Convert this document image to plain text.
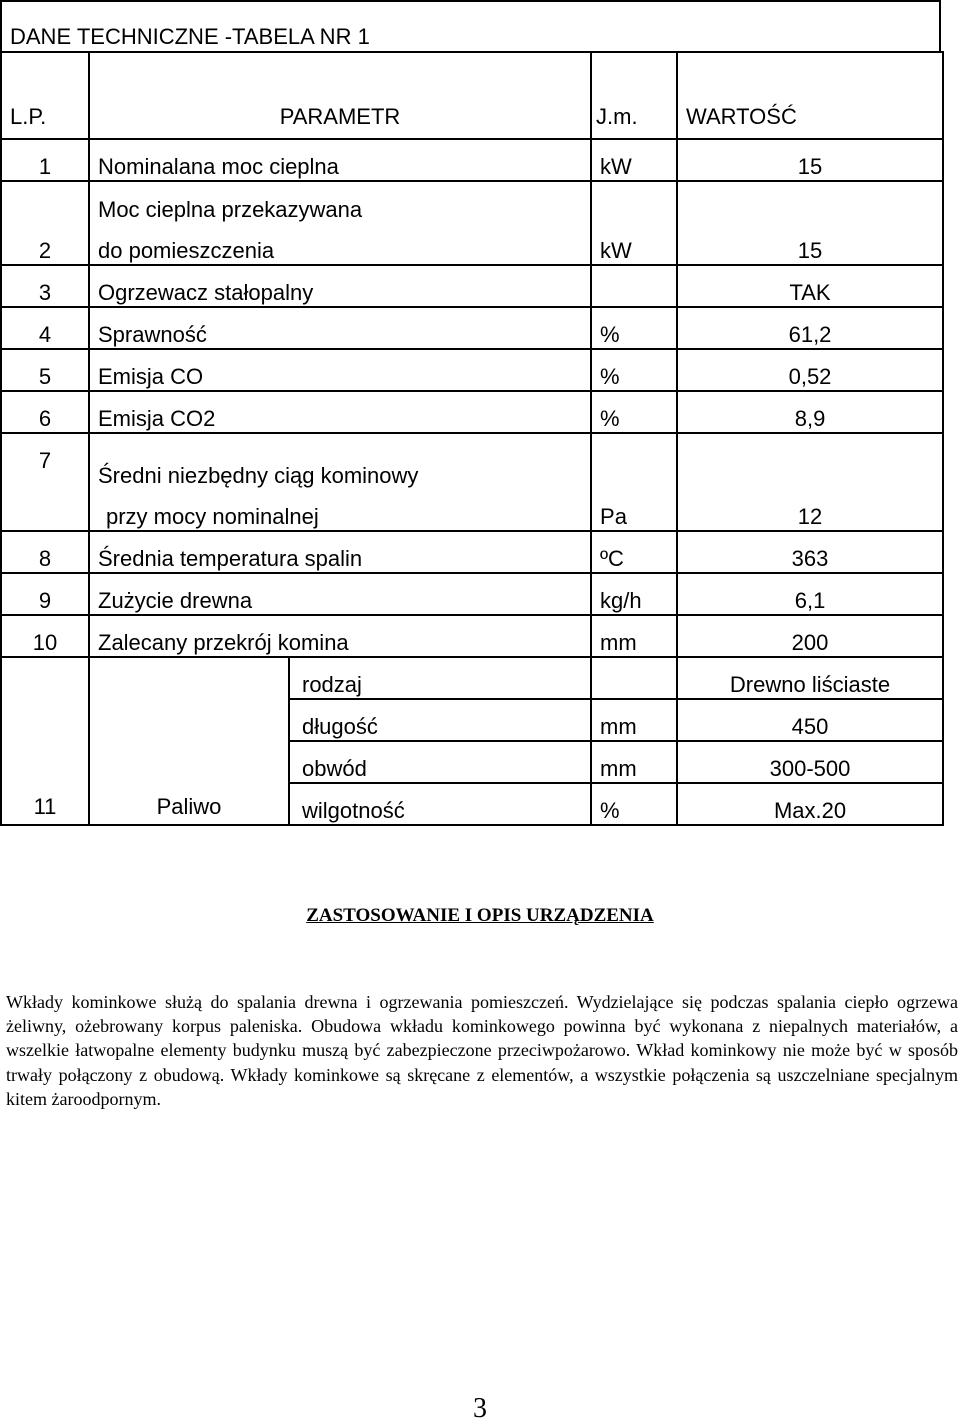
DANE TECHNICZNE -TABELA NR 1
L.P.	PARAMETR		J.m.	WARTOŚĆ

1	Nominalana moc cieplna		kW	15
2	Moc cieplna przekazywana
do pomieszczenia		kW	15
3	Ogrzewacz stałopalny			TAK
4	Sprawność		%	61,2
5	Emisja CO		%	0,52
6	Emisja CO2		%	8,9
7	Średni niezbędny ciąg kominowy
przy mocy nominalnej		Pa	12
8	Średnia temperatura spalin		ºC	363
9	Zużycie drewna		kg/h	6,1
10	Zalecany przekrój komina		mm	200

11	Paliwo	rodzaj		Drewno liściaste
		długość	mm	450
		obwód	mm	300-500
		wilgotność	%	Max.20
ZASTOSOWANIE I OPIS URZĄDZENIA
Wkłady kominkowe służą do spalania drewna i ogrzewania pomieszczeń. Wydzielające się podczas spalania ciepło ogrzewa żeliwny, ożebrowany korpus paleniska. Obudowa wkładu kominkowego powinna być wykonana z niepalnych materiałów, a wszelkie łatwopalne elementy budynku muszą być zabezpieczone przeciwpożarowo. Wkład kominkowy nie może być w sposób trwały połączony z obudową. Wkłady kominkowe są skręcane z elementów, a wszystkie połączenia są uszczelniane specjalnym kitem żaroodpornym.
3
